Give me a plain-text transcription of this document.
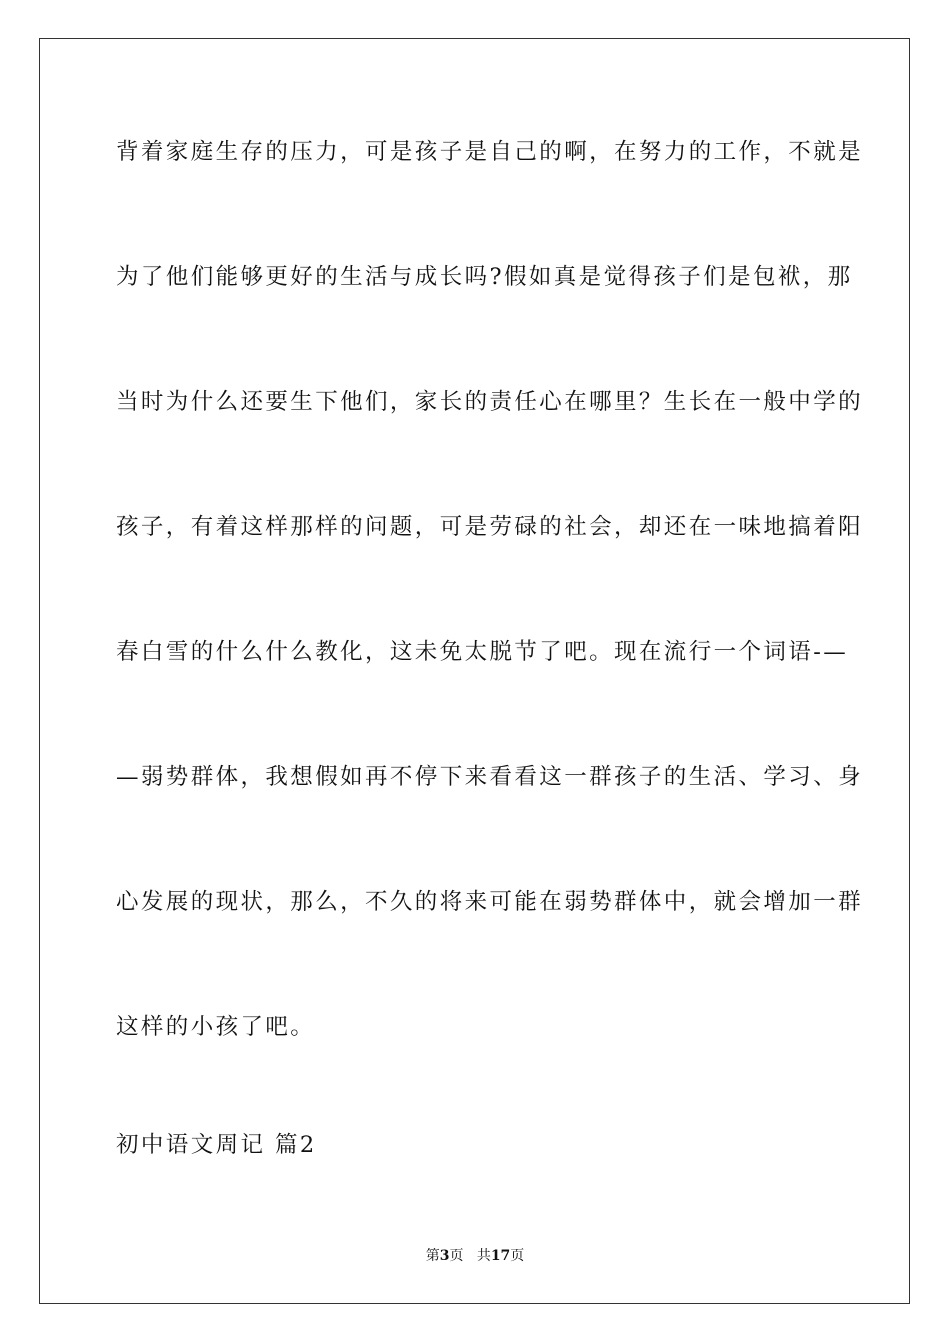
背着家庭生存的压力，可是孩子是自己的啊，在努力的工作，不就是
为了他们能够更好的生活与成长吗?假如真是觉得孩子们是包袱，那
当时为什么还要生下他们，家长的责任心在哪里？生长在一般中学的
孩子，有着这样那样的问题，可是劳碌的社会，却还在一味地搞着阳
春白雪的什么什么教化，这未免太脱节了吧。现在流行一个词语-—
—弱势群体，我想假如再不停下来看看这一群孩子的生活、学习、身
心发展的现状，那么，不久的将来可能在弱势群体中，就会增加一群
这样的小孩了吧。
初中语文周记 篇2
第3页 共17页
